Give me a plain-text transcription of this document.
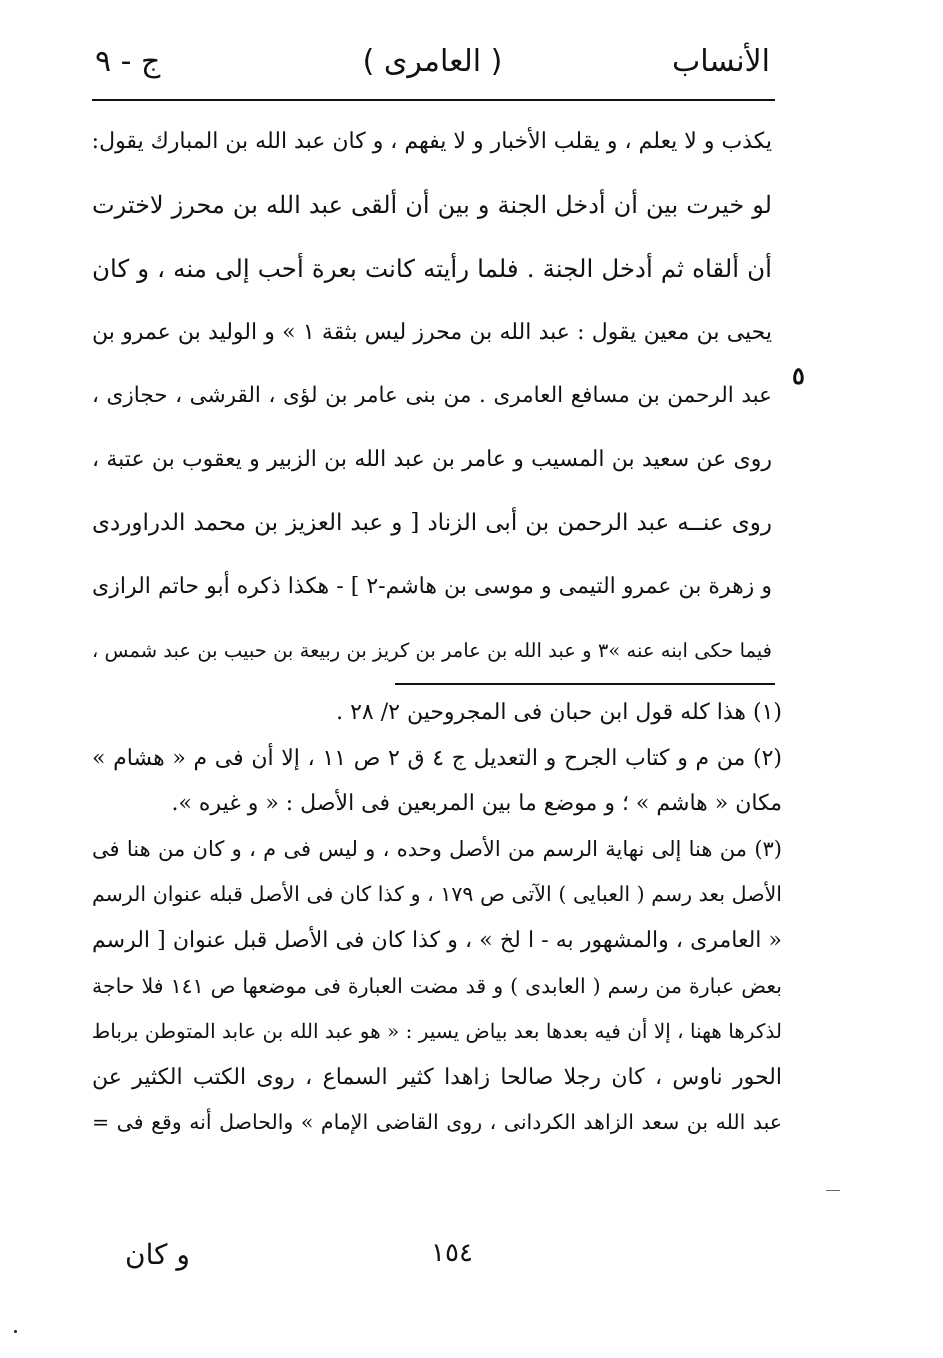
الأنساب
( العامرى )
ج - ٩
يكذب و لا يعلم ، و يقلب الأخبار و لا يفهم ، و كان عبد الله بن المبارك يقول:
لو خيرت بين أن أدخل الجنة و بين أن ألقى عبد الله بن محرز لاخترت
أن ألقاه ثم أدخل الجنة . فلما رأيته كانت بعرة أحب إلى منه ، و كان
يحيى بن معين يقول : عبد الله بن محرز ليس بثقة ١ » و الوليد بن عمرو بن
عبد الرحمن بن مسافع العامرى . من بنى عامر بن لؤى ، القرشى ، حجازى ،
روى عن سعيد بن المسيب و عامر بن عبد الله بن الزبير و يعقوب بن عتبة ،
روى عنــه عبد الرحمن بن أبى الزناد [ و عبد العزيز بن محمد الدراوردى
و زهرة بن عمرو التيمى و موسى بن هاشم-٢ ] - هكذا ذكره أبو حاتم الرازى
فيما حكى ابنه عنه »٣ و عبد الله بن عامر بن كريز بن ربيعة بن حبيب بن عبد شمس ،
٥
(١) هذا كله قول ابن حبان فى المجروحين ٢/ ٢٨ .
(٢) من م و كتاب الجرح و التعديل ج ٤ ق ٢ ص ١١ ، إلا أن فى م « هشام »
مكان « هاشم » ؛ و موضع ما بين المربعين فى الأصل : « و غيره ».
(٣) من هنا إلى نهاية الرسم من الأصل وحده ، و ليس فى م ، و كان من هنا فى
الأصل بعد رسم ( العبايى ) الآتى ص ١٧٩ ، و كذا كان فى الأصل قبله عنوان الرسم
« العامرى ، والمشهور به - ا لخ » ، و كذا كان فى الأصل قبل عنوان [ الرسم
بعض عبارة من رسم ( العابدى ) و قد مضت العبارة فى موضعها ص ١٤١ فلا حاجة
لذكرها ههنا ، إلا أن فيه بعدها بعد بياض يسير : « هو عبد الله بن عابد المتوطن برباط
الحور ناوس ، كان رجلا صالحا زاهدا كثير السماع ، روى الكتب الكثير عن
عبد الله بن سعد الزاهد الكردانى ، روى القاضى الإمام » والحاصل أنه وقع فى =
١٥٤
و كان
